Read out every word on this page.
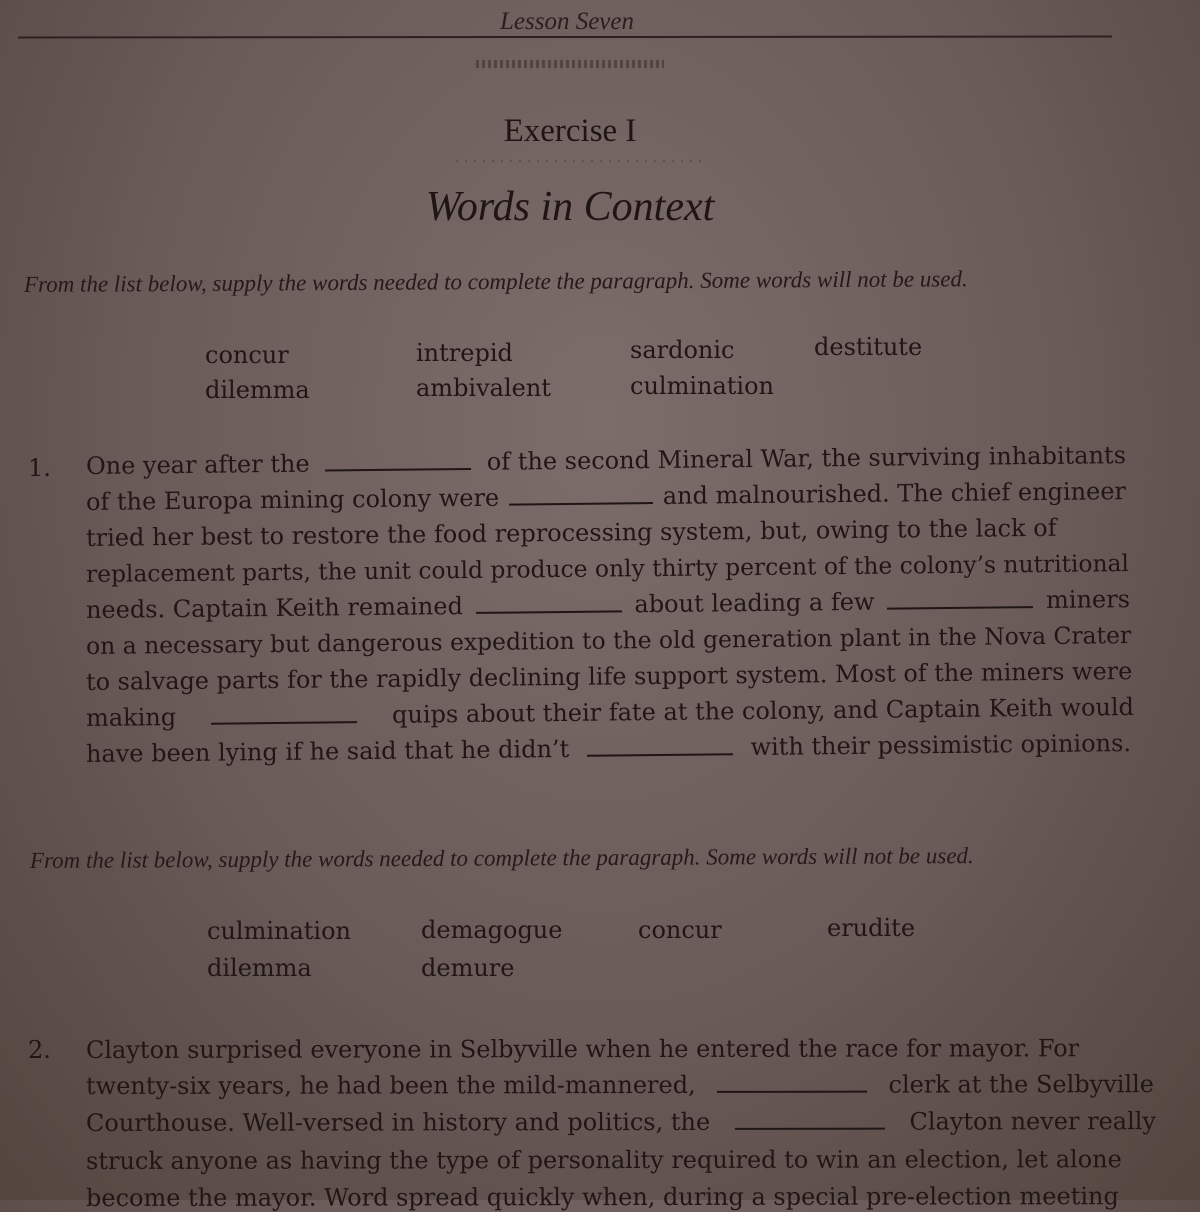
Lesson Seven
Exercise I
Words in Context
From the list below, supply the words needed to complete the paragraph. Some words will not be used.
concur	intrepid	sardonic	destitute
dilemma	ambivalent	culmination
1. One year after the	of the second Mineral War, the surviving inhabitants
of the Europa mining colony were	and malnourished. The chief engineer
tried her best to restore the food reprocessing system, but, owing to the lack of
replacement parts, the unit could produce only thirty percent of the colony’s nutritional
needs. Captain Keith remained	about leading a few	miners
on a necessary but dangerous expedition to the old generation plant in the Nova Crater
to salvage parts for the rapidly declining life support system. Most of the miners were
making	quips about their fate at the colony, and Captain Keith would
have been lying if he said that he didn’t	with their pessimistic opinions.
From the list below, supply the words needed to complete the paragraph. Some words will not be used.
culmination	demagogue	concur	erudite
dilemma	demure
2. Clayton surprised everyone in Selbyville when he entered the race for mayor. For
twenty-six years, he had been the mild-mannered,	clerk at the Selbyville
Courthouse. Well-versed in history and politics, the	Clayton never really
struck anyone as having the type of personality required to win an election, let alone
become the mayor. Word spread quickly when, during a special pre-election meeting
